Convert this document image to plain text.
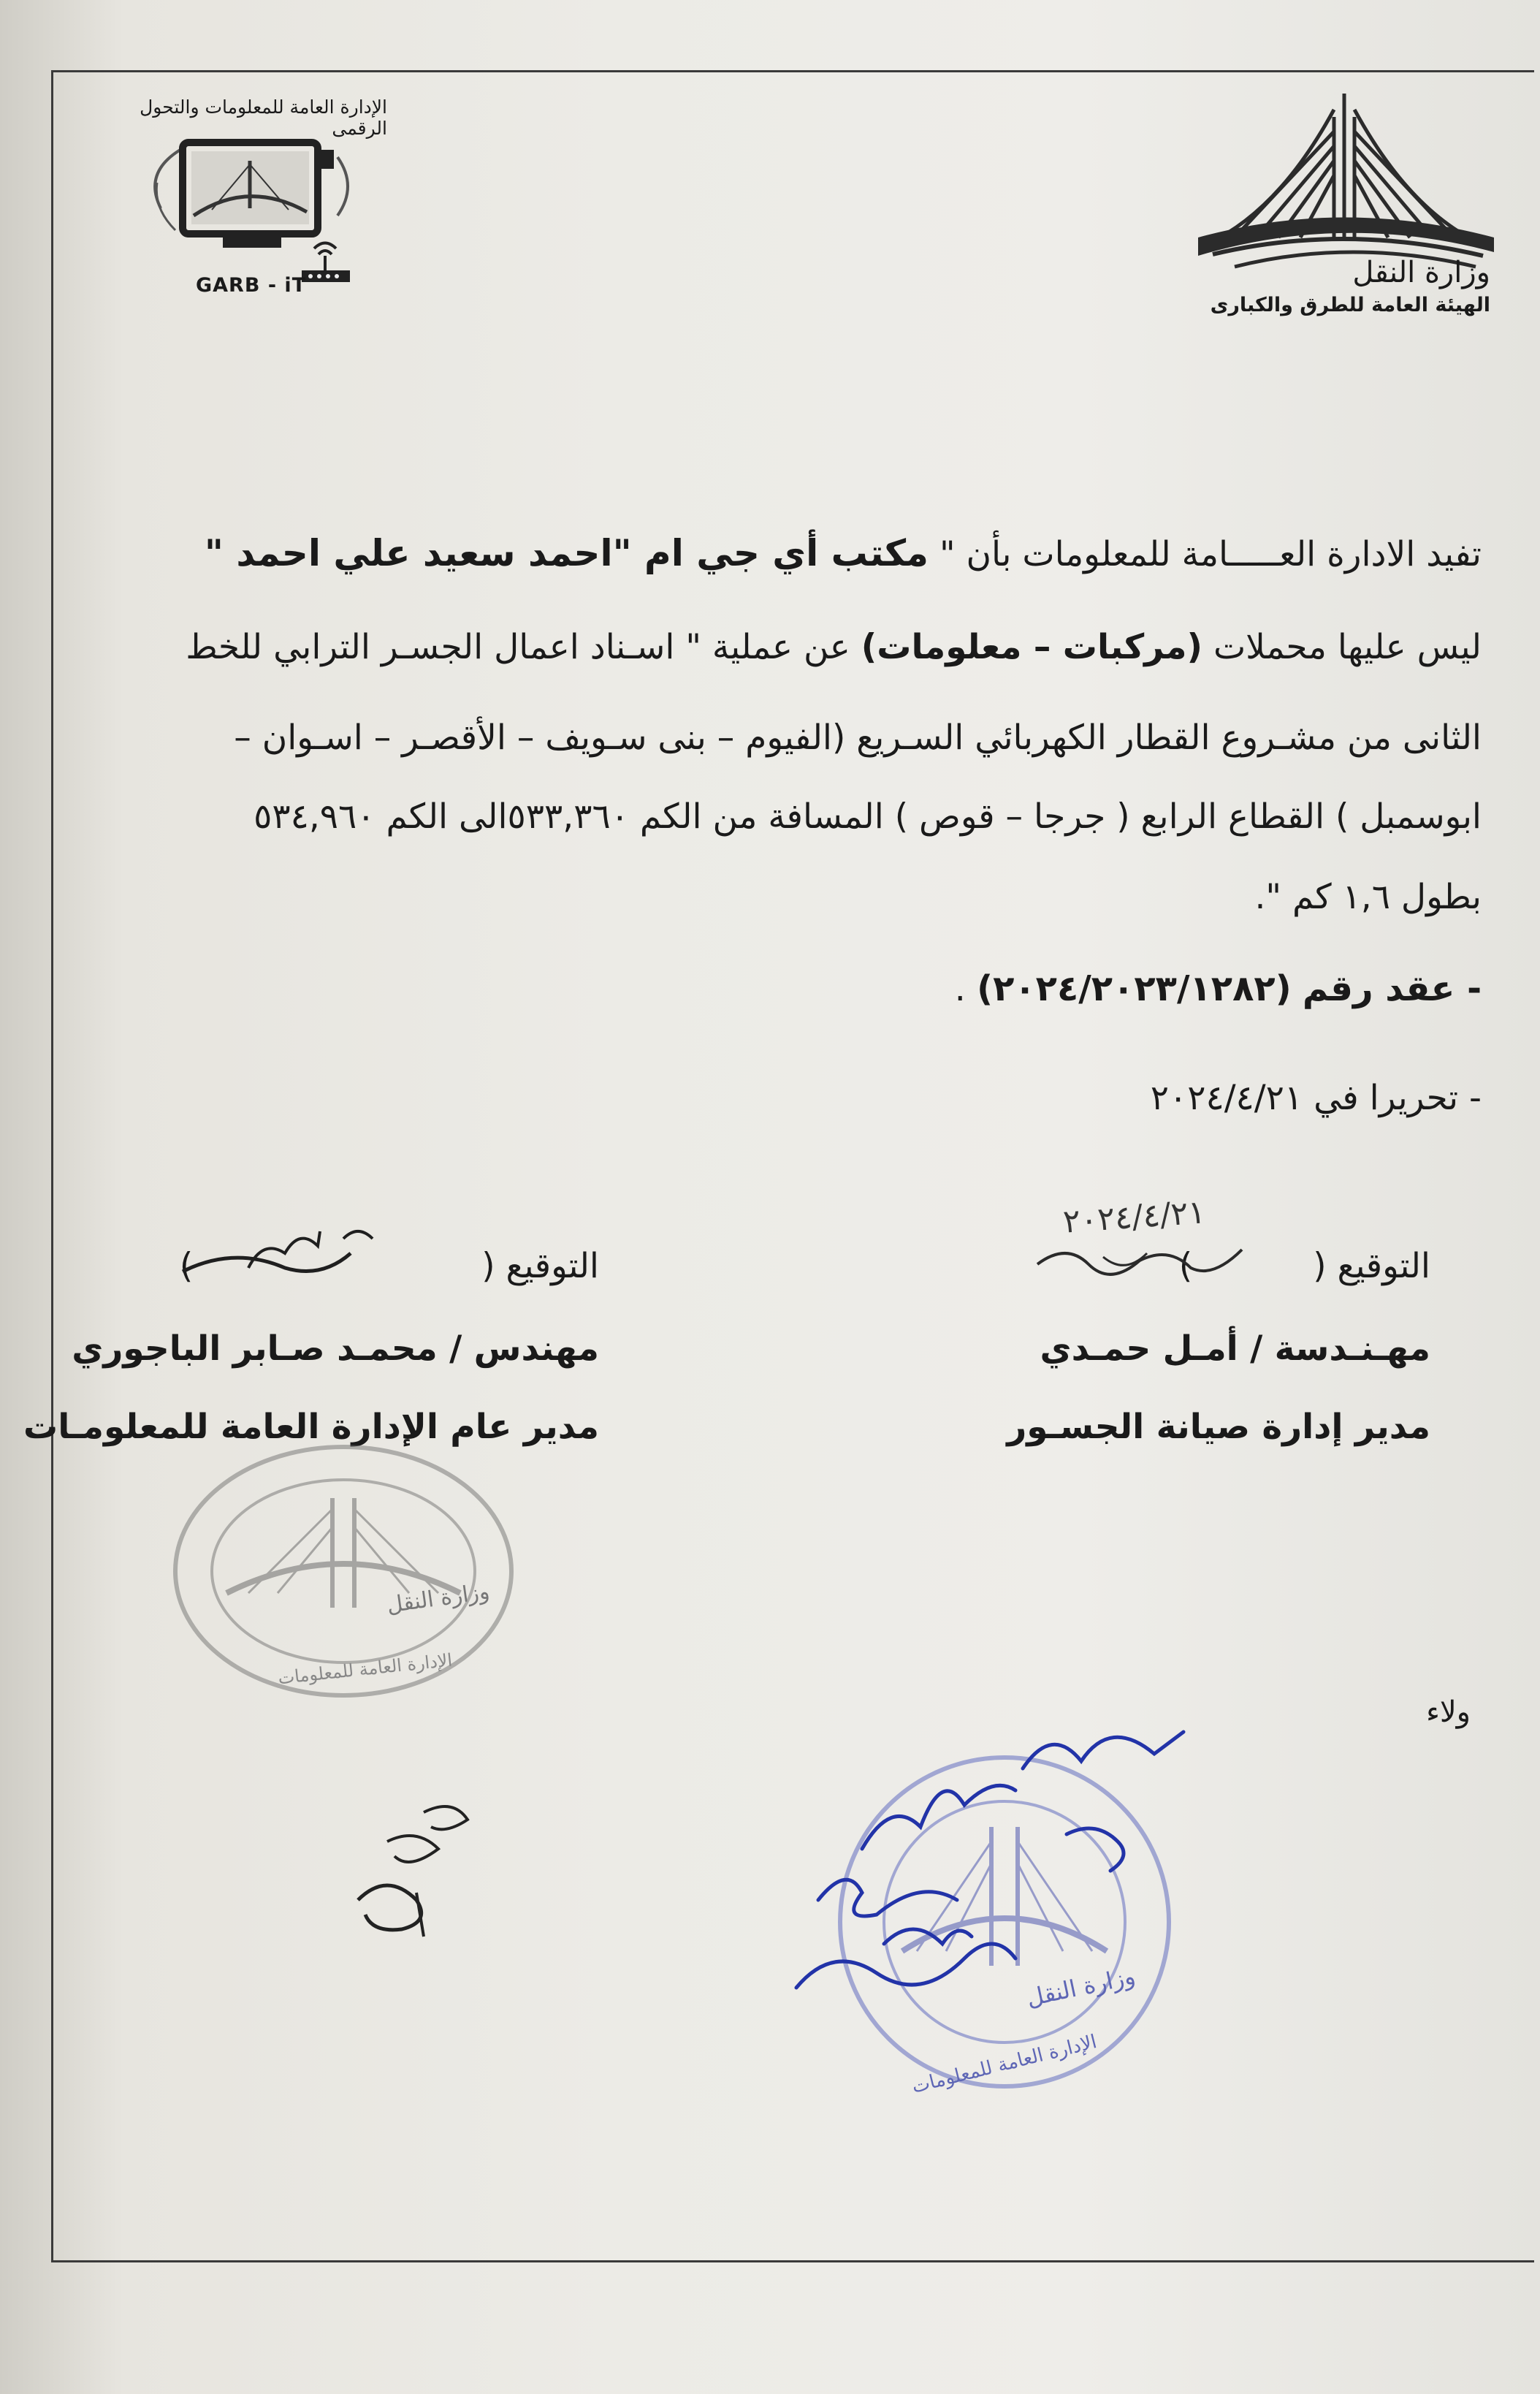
وزارة النقل
الهيئة العامة للطرق والكبارى
الإدارة العامة للمعلومات والتحول الرقمى
GARB - iT
تفيد الادارة العـــــامة للمعلومات بأن " مكتب أي جي ام "احمد سعيد علي احمد "
ليس عليها محملات (مركبات – معلومات) عن عملية " اسـناد اعمال الجسـر الترابي للخط
الثانى من مشـروع القطار الكهربائي السـريع (الفيوم – بنى سـويف – الأقصـر – اسـوان –
ابوسمبل ) القطاع الرابع ( جرجا – قوص ) المسافة من الكم ٥٣٣,٣٦٠الى الكم ٥٣٤,٩٦٠
بطول ١,٦ كم ".
- عقد رقم (٢٠٢٤/٢٠٢٣/١٢٨٢) .
- تحريرا في ٢٠٢٤/٤/٢١
٢٠٢٤/٤/٢١
التوقيع ( )
مهـنـدسة / أمـل حمـدي
مدير إدارة صيانة الجسـور
التوقيع ( )
مهندس / محمـد صـابر الباجوري
مدير عام الإدارة العامة للمعلومـات
وزارة النقل
الإدارة العامة للمعلومات
ولاء
وزارة النقل
الإدارة العامة للمعلومات
